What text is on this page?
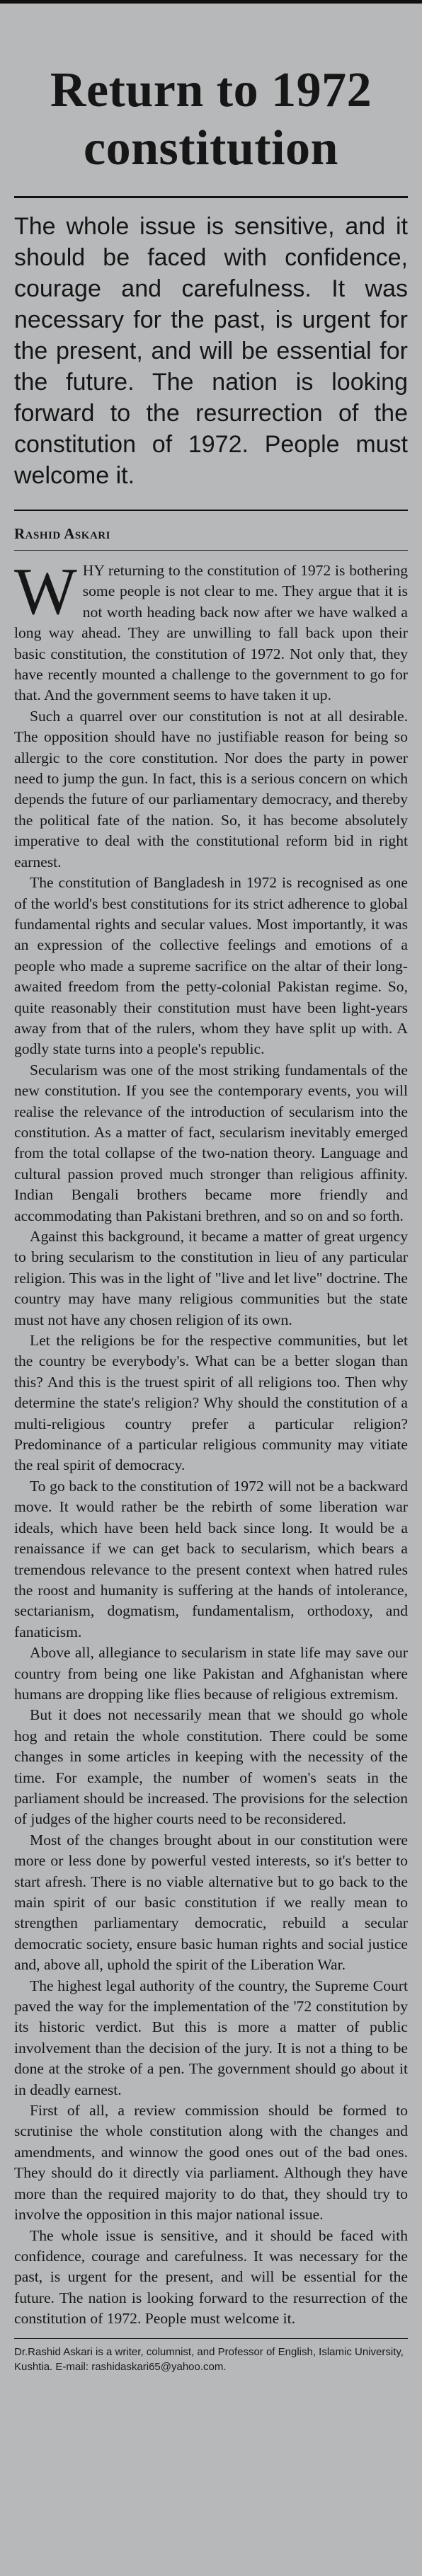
Return to 1972
constitution
The whole issue is sensitive, and it should be faced with confidence, courage and carefulness. It was necessary for the past, is urgent for the present, and will be essential for the future. The nation is looking forward to the resurrection of the constitution of 1972. People must welcome it.
Rashid Askari

WHY returning to the constitution of 1972 is bothering some people is not clear to me. They argue that it is not worth heading back now after we have walked a long way ahead. They are unwilling to fall back upon their basic constitution, the constitution of 1972. Not only that, they have recently mounted a challenge to the government to go for that. And the government seems to have taken it up.

Such a quarrel over our constitution is not at all desirable. The opposition should have no justifiable reason for being so allergic to the core constitution. Nor does the party in power need to jump the gun. In fact, this is a serious concern on which depends the future of our parliamentary democracy, and thereby the political fate of the nation. So, it has become absolutely imperative to deal with the constitutional reform bid in right earnest.

The constitution of Bangladesh in 1972 is recognised as one of the world's best constitutions for its strict adherence to global fundamental rights and secular values. Most importantly, it was an expression of the collective feelings and emotions of a people who made a supreme sacrifice on the altar of their long-awaited freedom from the petty-colonial Pakistan regime. So, quite reasonably their constitution must have been light-years away from that of the rulers, whom they have split up with. A godly state turns into a people's republic.

Secularism was one of the most striking fundamentals of the new constitution. If you see the contemporary events, you will realise the relevance of the introduction of secularism into the constitution. As a matter of fact, secularism inevitably emerged from the total collapse of the two-nation theory. Language and cultural passion proved much stronger than religious affinity. Indian Bengali brothers became more friendly and accommodating than Pakistani brethren, and so on and so forth.

Against this background, it became a matter of great urgency to bring secularism to the constitution in lieu of any particular religion. This was in the light of "live and let live" doctrine. The country may have many religious communities but the state must not have any chosen religion of its own.

Let the religions be for the respective communities, but let the country be everybody's. What can be a better slogan than this? And this is the truest spirit of all religions too. Then why determine the state's religion? Why should the constitution of a multi-religious country prefer a particular religion? Predominance of a particular religious community may vitiate the real spirit of democracy.

To go back to the constitution of 1972 will not be a backward move. It would rather be the rebirth of some liberation war ideals, which have been held back since long. It would be a renaissance if we can get back to secularism, which bears a tremendous relevance to the present context when hatred rules the roost and humanity is suffering at the hands of intolerance, sectarianism, dogmatism, fundamentalism, orthodoxy, and fanaticism.

Above all, allegiance to secularism in state life may save our country from being one like Pakistan and Afghanistan where humans are dropping like flies because of religious extremism.

But it does not necessarily mean that we should go whole hog and retain the whole constitution. There could be some changes in some articles in keeping with the necessity of the time. For example, the number of women's seats in the parliament should be increased. The provisions for the selection of judges of the higher courts need to be reconsidered.

Most of the changes brought about in our constitution were more or less done by powerful vested interests, so it's better to start afresh. There is no viable alternative but to go back to the main spirit of our basic constitution if we really mean to strengthen parliamentary democratic, rebuild a secular democratic society, ensure basic human rights and social justice and, above all, uphold the spirit of the Liberation War.

The highest legal authority of the country, the Supreme Court paved the way for the implementation of the '72 constitution by its historic verdict. But this is more a matter of public involvement than the decision of the jury. It is not a thing to be done at the stroke of a pen. The government should go about it in deadly earnest.

First of all, a review commission should be formed to scrutinise the whole constitution along with the changes and amendments, and winnow the good ones out of the bad ones. They should do it directly via parliament. Although they have more than the required majority to do that, they should try to involve the opposition in this major national issue.

The whole issue is sensitive, and it should be faced with confidence, courage and carefulness. It was necessary for the past, is urgent for the present, and will be essential for the future. The nation is looking forward to the resurrection of the constitution of 1972. People must welcome it.

Dr.Rashid Askari is a writer, columnist, and Professor of English, Islamic University, Kushtia. E-mail: rashidaskari65@yahoo.com.
